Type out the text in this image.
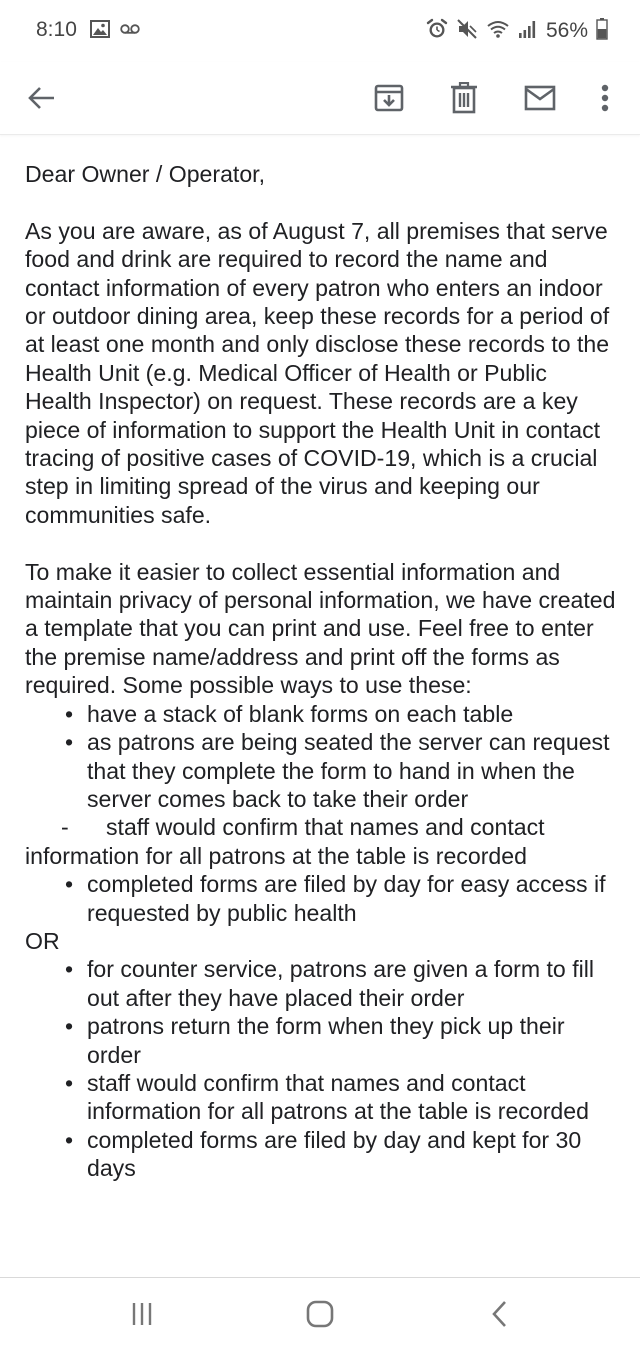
8:10	56%

Dear Owner / Operator,

As you are aware, as of August 7, all premises that serve food and drink are required to record the name and contact information of every patron who enters an indoor or outdoor dining area, keep these records for a period of at least one month and only disclose these records to the Health Unit (e.g. Medical Officer of Health or Public Health Inspector) on request. These records are a key piece of information to support the Health Unit in contact tracing of positive cases of COVID-19, which is a crucial step in limiting spread of the virus and keeping our communities safe.

To make it easier to collect essential information and maintain privacy of personal information, we have created a template that you can print and use. Feel free to enter the premise name/address and print off the forms as required. Some possible ways to use these:

• have a stack of blank forms on each table
• as patrons are being seated the server can request that they complete the form to hand in when the server comes back to take their order
- staff would confirm that names and contact information for all patrons at the table is recorded
• completed forms are filed by day for easy access if requested by public health

OR

• for counter service, patrons are given a form to fill out after they have placed their order
• patrons return the form when they pick up their order
• staff would confirm that names and contact information for all patrons at the table is recorded
• completed forms are filed by day and kept for 30 days
